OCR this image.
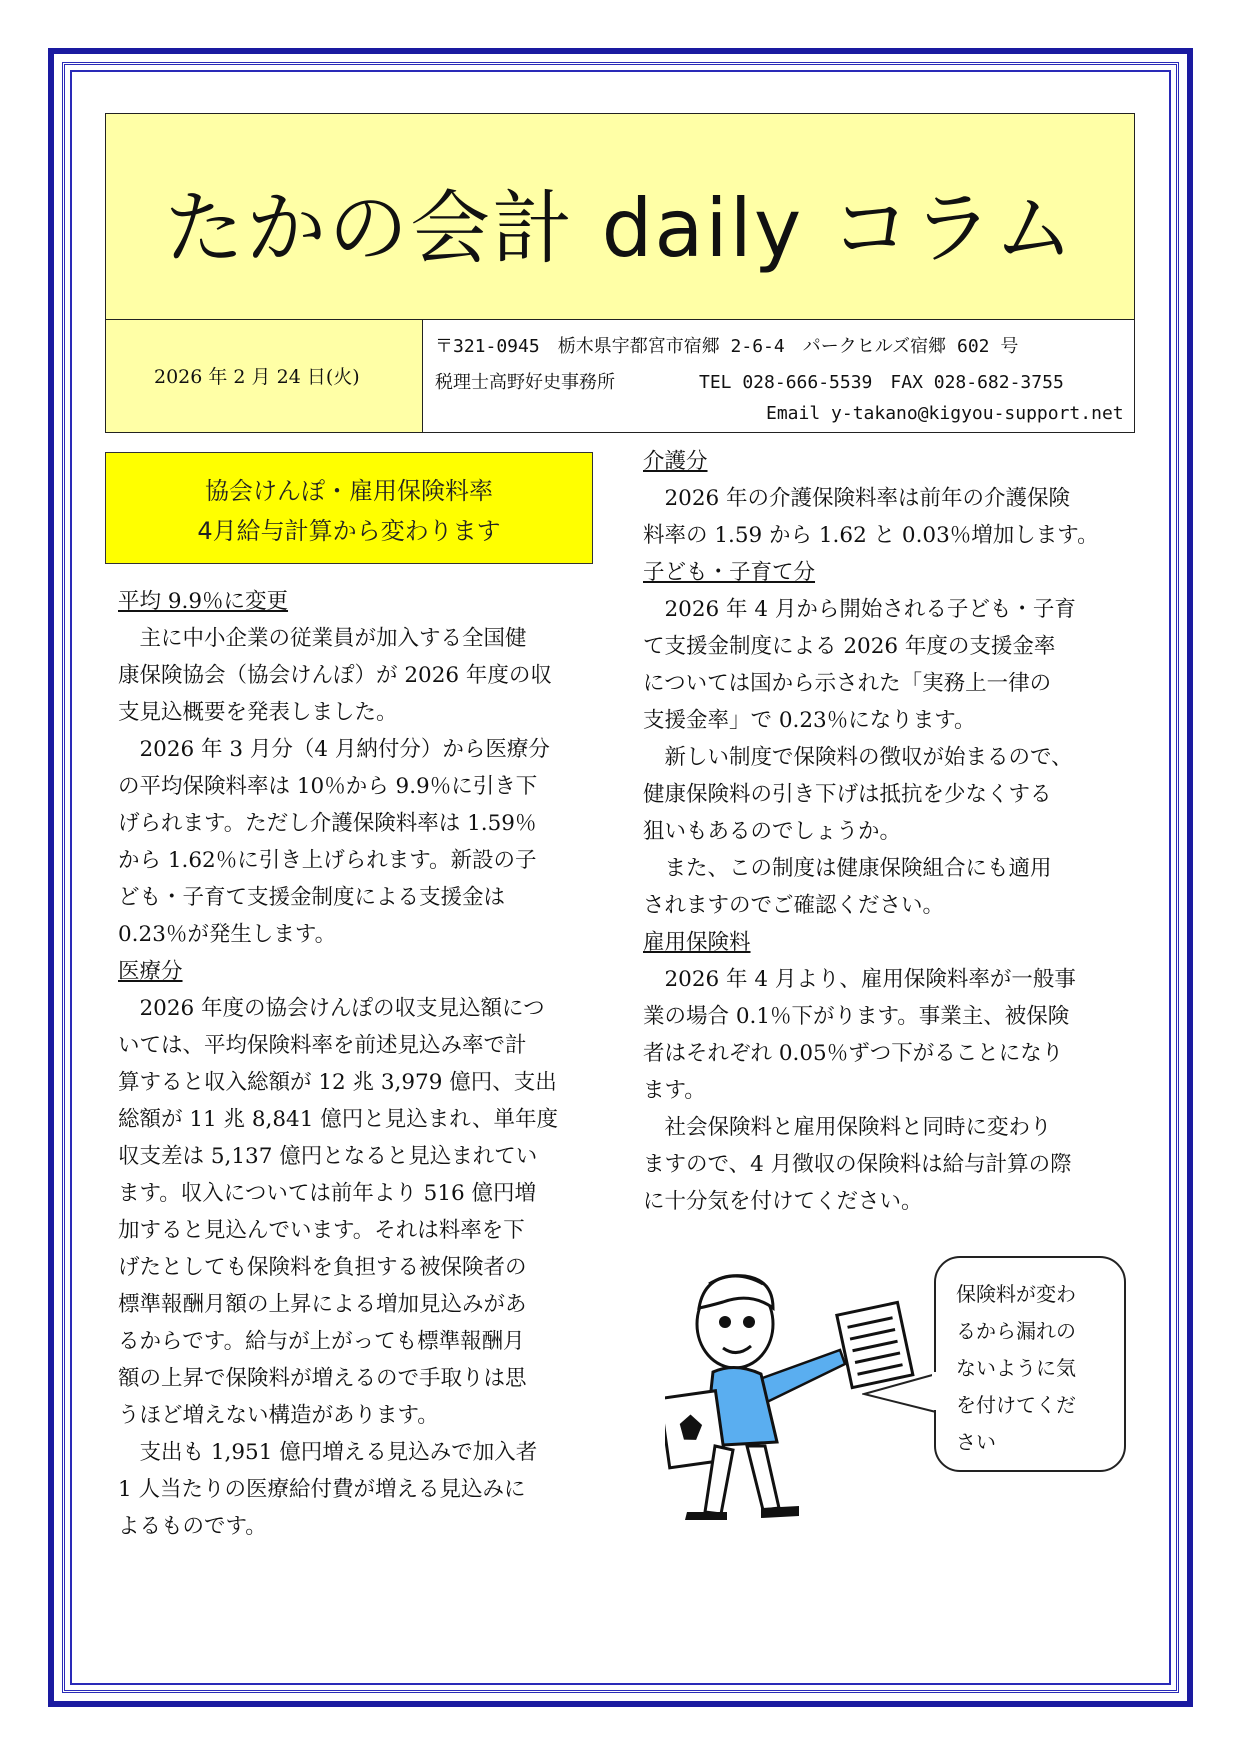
たかの会計 daily コラム
2026 年 2 月 24 日(火)
〒321-0945　栃木県宇都宮市宿郷 2-6-4　パークヒルズ宿郷 602 号
税理士高野好史事務所	TEL 028-666-5539　FAX 028-682-3755
Email y-takano@kigyou-support.net
協会けんぽ・雇用保険料率
4月給与計算から変わります

平均 9.9％に変更

　主に中小企業の従業員が加入する全国健

康保険協会（協会けんぽ）が 2026 年度の収

支見込概要を発表しました。

　2026 年 3 月分（4 月納付分）から医療分

の平均保険料率は 10％から 9.9％に引き下

げられます。ただし介護保険料率は 1.59％

から 1.62％に引き上げられます。新設の子

ども・子育て支援金制度による支援金は

0.23％が発生します。

医療分

　2026 年度の協会けんぽの収支見込額につ

いては、平均保険料率を前述見込み率で計

算すると収入総額が 12 兆 3,979 億円、支出

総額が 11 兆 8,841 億円と見込まれ、単年度

収支差は 5,137 億円となると見込まれてい

ます。収入については前年より 516 億円増

加すると見込んでいます。それは料率を下

げたとしても保険料を負担する被保険者の

標準報酬月額の上昇による増加見込みがあ

るからです。給与が上がっても標準報酬月

額の上昇で保険料が増えるので手取りは思

うほど増えない構造があります。

　支出も 1,951 億円増える見込みで加入者

1 人当たりの医療給付費が増える見込みに

よるものです。

介護分

　2026 年の介護保険料率は前年の介護保険

料率の 1.59 から 1.62 と 0.03％増加します。

子ども・子育て分

　2026 年 4 月から開始される子ども・子育

て支援金制度による 2026 年度の支援金率

については国から示された「実務上一律の

支援金率」で 0.23％になります。

　新しい制度で保険料の徴収が始まるので、

健康保険料の引き下げは抵抗を少なくする

狙いもあるのでしょうか。

　また、この制度は健康保険組合にも適用

されますのでご確認ください。

雇用保険料

　2026 年 4 月より、雇用保険料率が一般事

業の場合 0.1％下がります。事業主、被保険

者はそれぞれ 0.05％ずつ下がることになり

ます。

　社会保険料と雇用保険料と同時に変わり

ますので、4 月徴収の保険料は給与計算の際

に十分気を付けてください。

保険料が変わ
るから漏れの
ないように気
を付けてくだ
さい
